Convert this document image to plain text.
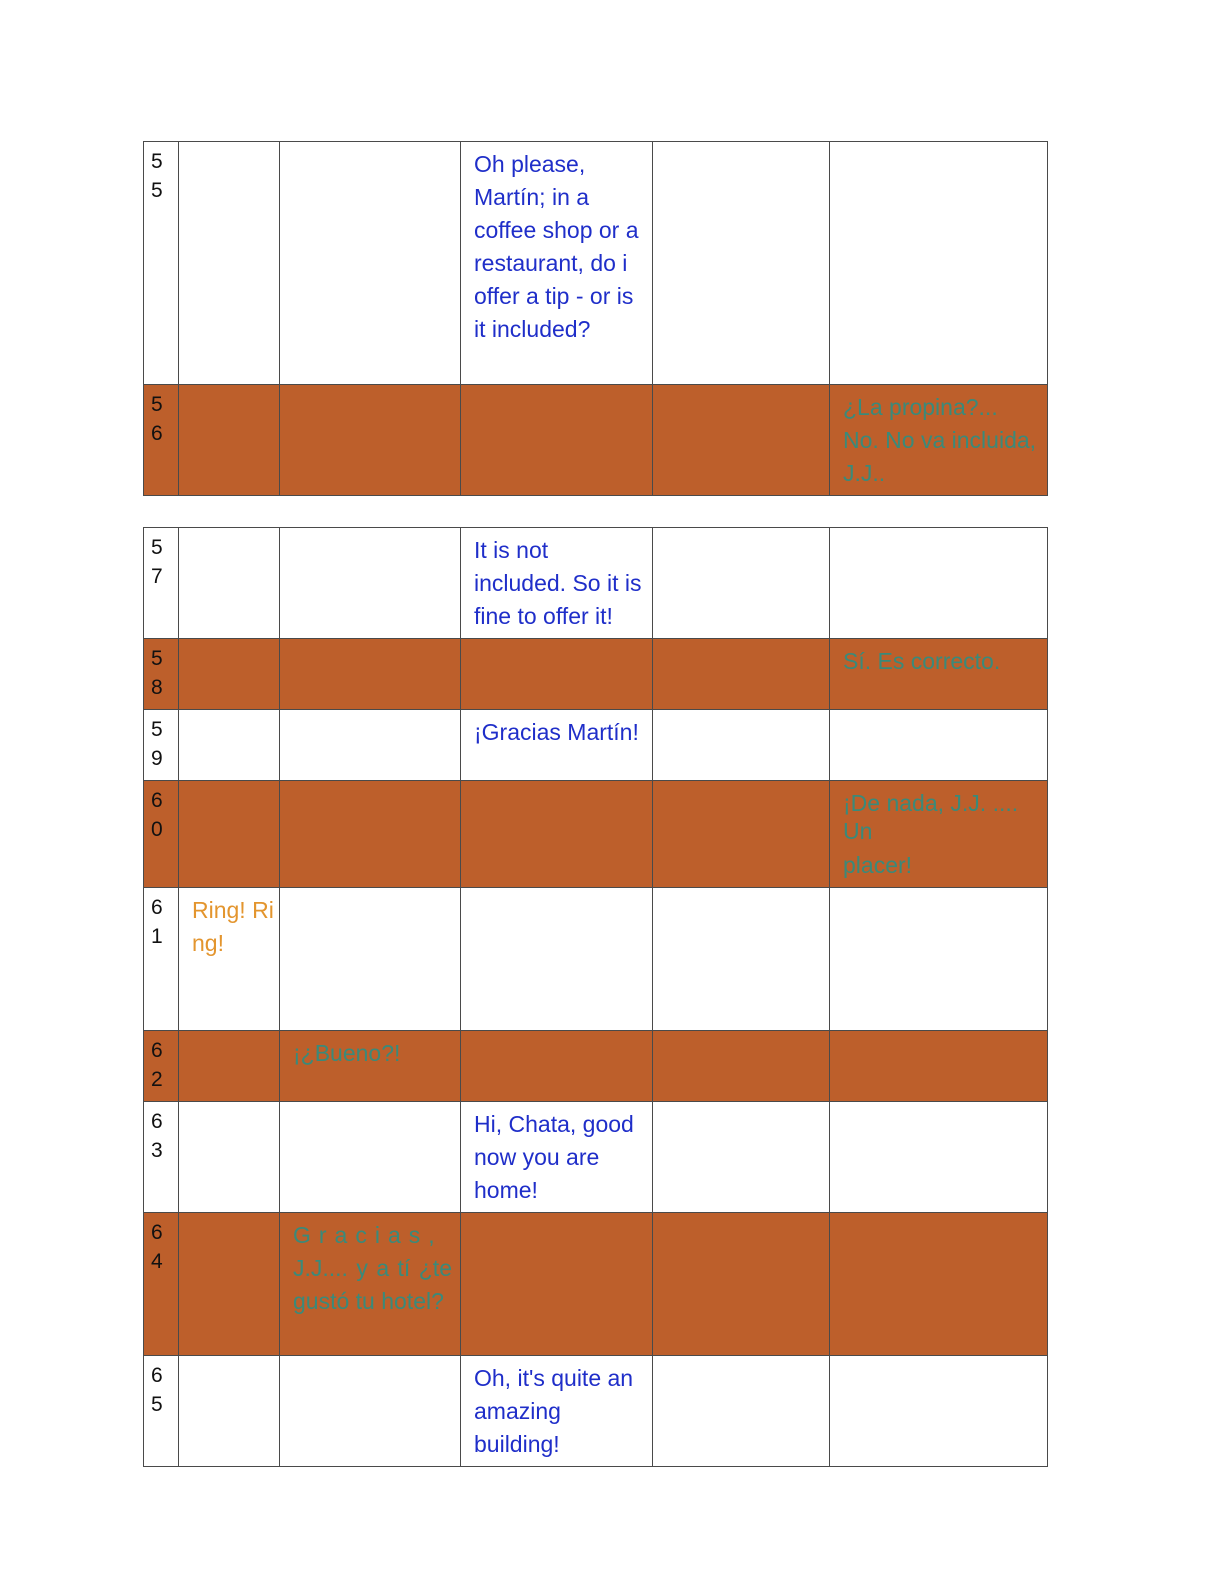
55			Oh please, Martín; in a coffee shop or a restaurant, do i offer a tip - or is it included?		

56					¿La propina?... No. No va incluida, J.J..
57			It is not included. So it is fine to offer it!		

58					Sí. Es correcto.

59			¡Gracias Martín!		

60					¡De nada, J.J. .... Un
placer!

61	Ring! Ring!				

62		¡¿Bueno?!			

63			Hi, Chata, good now you are home!		

64		Gracias,
J.J.... y a tí ¿te gustó tu hotel?			

65			Oh, it's quite an amazing building!		
